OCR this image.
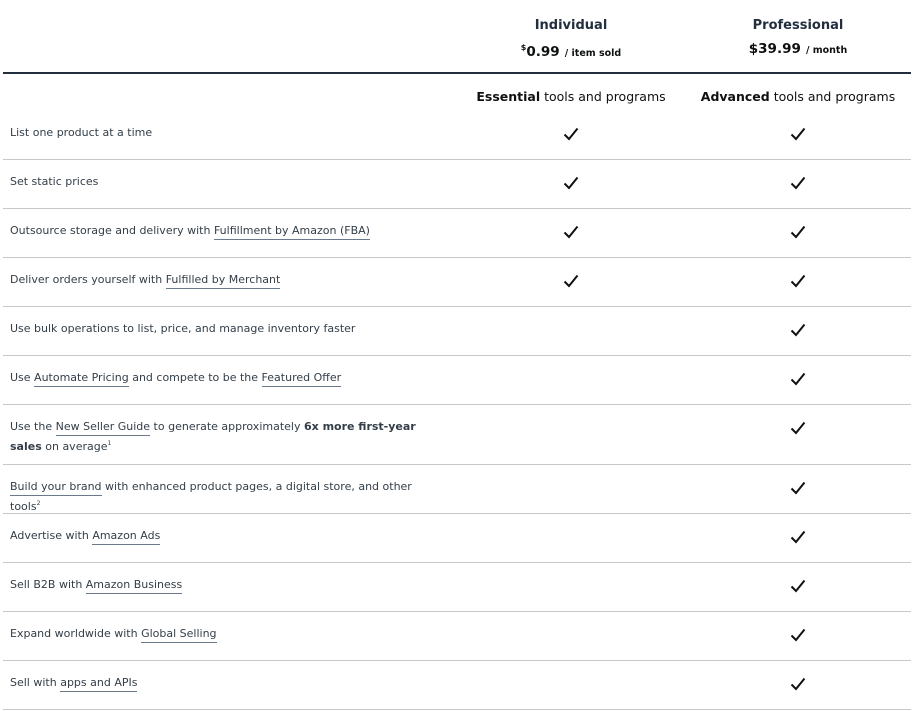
Individual
$0.99 / item sold
Professional
$39.99 / month
Essential tools and programs	Advanced tools and programs
List one product at a time
Set static prices
Outsource storage and delivery with Fulfillment by Amazon (FBA)
Deliver orders yourself with Fulfilled by Merchant
Use bulk operations to list, price, and manage inventory faster
Use Automate Pricing and compete to be the Featured Offer
Use the New Seller Guide to generate approximately 6x more first-year sales on average$^1$
Build your brand with enhanced product pages, a digital store, and other tools$^2$
Advertise with Amazon Ads
Sell B2B with Amazon Business
Expand worldwide with Global Selling
Sell with apps and APIs
